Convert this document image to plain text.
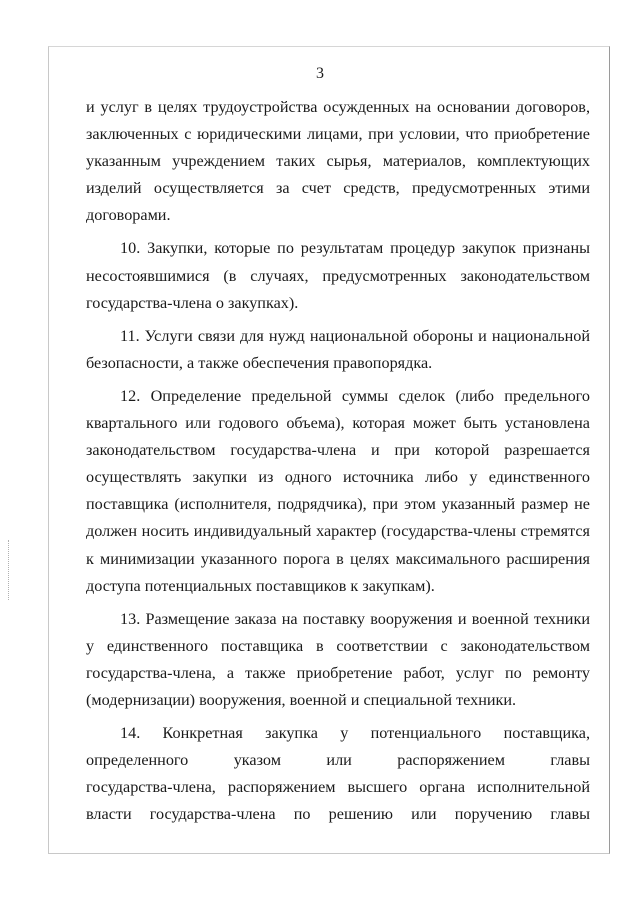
3
и услуг в целях трудоустройства осужденных на основании договоров,
заключенных с юридическими лицами, при условии, что приобретение
указанным учреждением таких сырья, материалов, комплектующих
изделий осуществляется за счет средств, предусмотренных этими
договорами.
10. Закупки, которые по результатам процедур закупок признаны
несостоявшимися (в случаях, предусмотренных законодательством
государства-члена о закупках).
11. Услуги связи для нужд национальной обороны и национальной
безопасности, а также обеспечения правопорядка.
12. Определение предельной суммы сделок (либо предельного
квартального или годового объема), которая может быть установлена
законодательством государства-члена и при которой разрешается
осуществлять закупки из одного источника либо у единственного
поставщика (исполнителя, подрядчика), при этом указанный размер не
должен носить индивидуальный характер (государства-члены стремятся
к минимизации указанного порога в целях максимального расширения
доступа потенциальных поставщиков к закупкам).
13. Размещение заказа на поставку вооружения и военной техники
у единственного поставщика в соответствии с законодательством
государства-члена, а также приобретение работ, услуг по ремонту
(модернизации) вооружения, военной и специальной техники.
14. Конкретная закупка у потенциального поставщика,
определенного указом или распоряжением главы
государства-члена, распоряжением высшего органа исполнительной
власти государства-члена по решению или поручению главы
